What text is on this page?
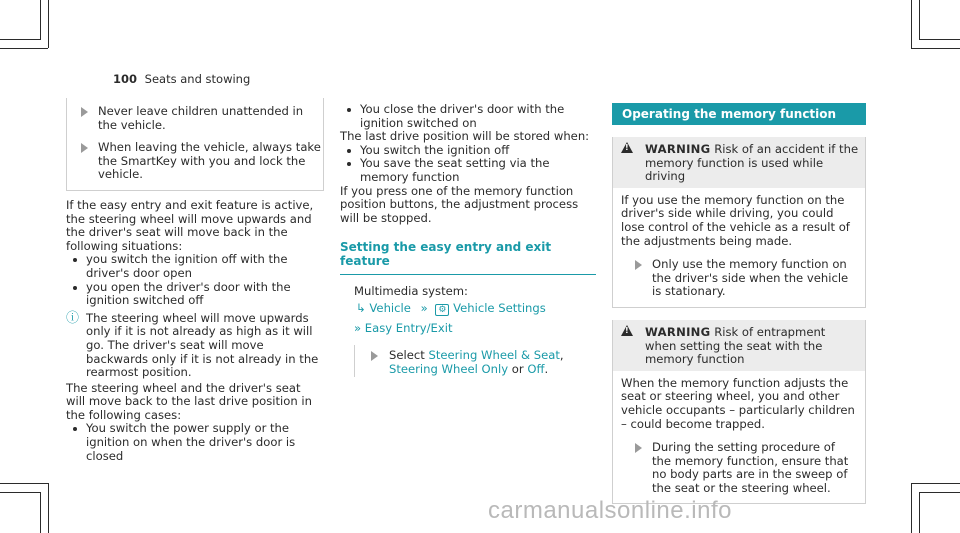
100 Seats and stowing
Never leave children unattended in the vehicle.
When leaving the vehicle, always take the SmartKey with you and lock the vehicle.

If the easy entry and exit feature is active, the steering wheel will move upwards and the driver's seat will move back in the following situations:

you switch the ignition off with the driver's door open
you open the driver's door with the ignition switched off
ⓘ The steering wheel will move upwards only if it is not already as high as it will go. The driver's seat will move backwards only if it is not already in the rearmost position.

The steering wheel and the driver's seat will move back to the last drive position in the following cases:

You switch the power supply or the ignition on when the driver's door is closed
You close the driver's door with the ignition switched on

The last drive position will be stored when:

You switch the ignition off
You save the seat setting via the memory function

If you press one of the memory function position buttons, the adjustment process will be stopped.

Setting the easy entry and exit feature
Multimedia system:
↳ Vehicle » ⚙ Vehicle Settings
» Easy Entry/Exit
Select Steering Wheel & Seat, Steering Wheel Only or Off.
Operating the memory function
!
WARNING Risk of an accident if the memory function is used while driving

If you use the memory function on the driver's side while driving, you could lose control of the vehicle as a result of the adjustments being made.

Only use the memory function on the driver's side when the vehicle is stationary.
!
WARNING Risk of entrapment when setting the seat with the memory function

When the memory function adjusts the seat or steering wheel, you and other vehicle occupants – particularly children – could become trapped.

During the setting procedure of the memory function, ensure that no body parts are in the sweep of the seat or the steering wheel.
carmanualsonline.info
